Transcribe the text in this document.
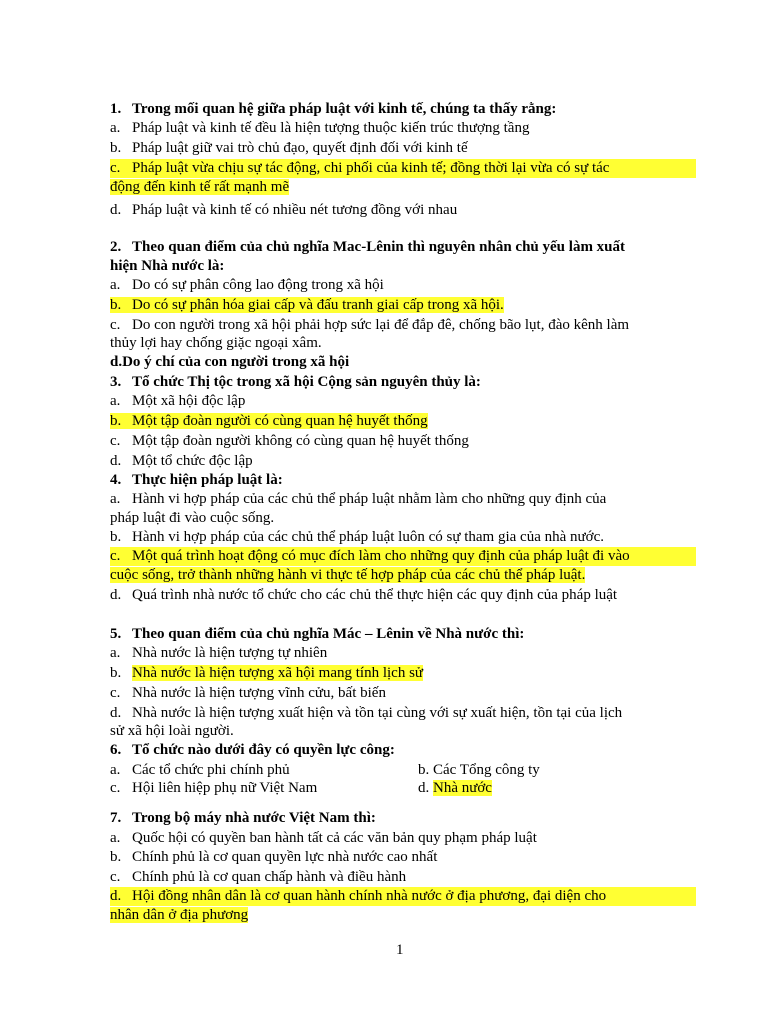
1. Trong mối quan hệ giữa pháp luật với kinh tế, chúng ta thấy rằng:
a. Pháp luật và kinh tế đều là hiện tượng thuộc kiến trúc thượng tầng
b. Pháp luật giữ vai trò chủ đạo, quyết định đối với kinh tế
c. Pháp luật vừa chịu sự tác động, chi phối của kinh tế; đồng thời lại vừa có sự tác
động đến kinh tế rất mạnh mẽ
d. Pháp luật và kinh tế có nhiều nét tương đồng với nhau
2. Theo quan điểm của chủ nghĩa Mac-Lênin thì nguyên nhân chủ yếu làm xuất
hiện Nhà nước là:
a. Do có sự phân công lao động trong xã hội
b. Do có sự phân hóa giai cấp và đấu tranh giai cấp trong xã hội.
c. Do con người trong xã hội phải hợp sức lại để đắp đê, chống bão lụt, đào kênh làm
thủy lợi hay chống giặc ngoại xâm.
d.Do ý chí của con người trong xã hội
3. Tổ chức Thị tộc trong xã hội Cộng sản nguyên thủy là:
a. Một xã hội độc lập
b. Một tập đoàn người có cùng quan hệ huyết thống
c. Một tập đoàn người không có cùng quan hệ huyết thống
d. Một tổ chức độc lập
4. Thực hiện pháp luật là:
a. Hành vi hợp pháp của các chủ thể pháp luật nhằm làm cho những quy định của
pháp luật đi vào cuộc sống.
b. Hành vi hợp pháp của các chủ thể pháp luật luôn có sự tham gia của nhà nước.
c. Một quá trình hoạt động có mục đích làm cho những quy định của pháp luật đi vào
cuộc sống, trở thành những hành vi thực tế hợp pháp của các chủ thể pháp luật.
d. Quá trình nhà nước tổ chức cho các chủ thể thực hiện các quy định của pháp luật
5. Theo quan điểm của chủ nghĩa Mác – Lênin về Nhà nước thì:
a. Nhà nước là hiện tượng tự nhiên
b. Nhà nước là hiện tượng xã hội mang tính lịch sử
c. Nhà nước là hiện tượng vĩnh cửu, bất biến
d. Nhà nước là hiện tượng xuất hiện và tồn tại cùng với sự xuất hiện, tồn tại của lịch
sử xã hội loài người.
6. Tổ chức nào dưới đây có quyền lực công:
a. Các tổ chức phi chính phủ	b. Các Tổng công ty
c. Hội liên hiệp phụ nữ Việt Nam	d. Nhà nước
7. Trong bộ máy nhà nước Việt Nam thì:
a. Quốc hội có quyền ban hành tất cả các văn bản quy phạm pháp luật
b. Chính phủ là cơ quan quyền lực nhà nước cao nhất
c. Chính phủ là cơ quan chấp hành và điều hành
d. Hội đồng nhân dân là cơ quan hành chính nhà nước ở địa phương, đại diện cho
nhân dân ở địa phương
1
